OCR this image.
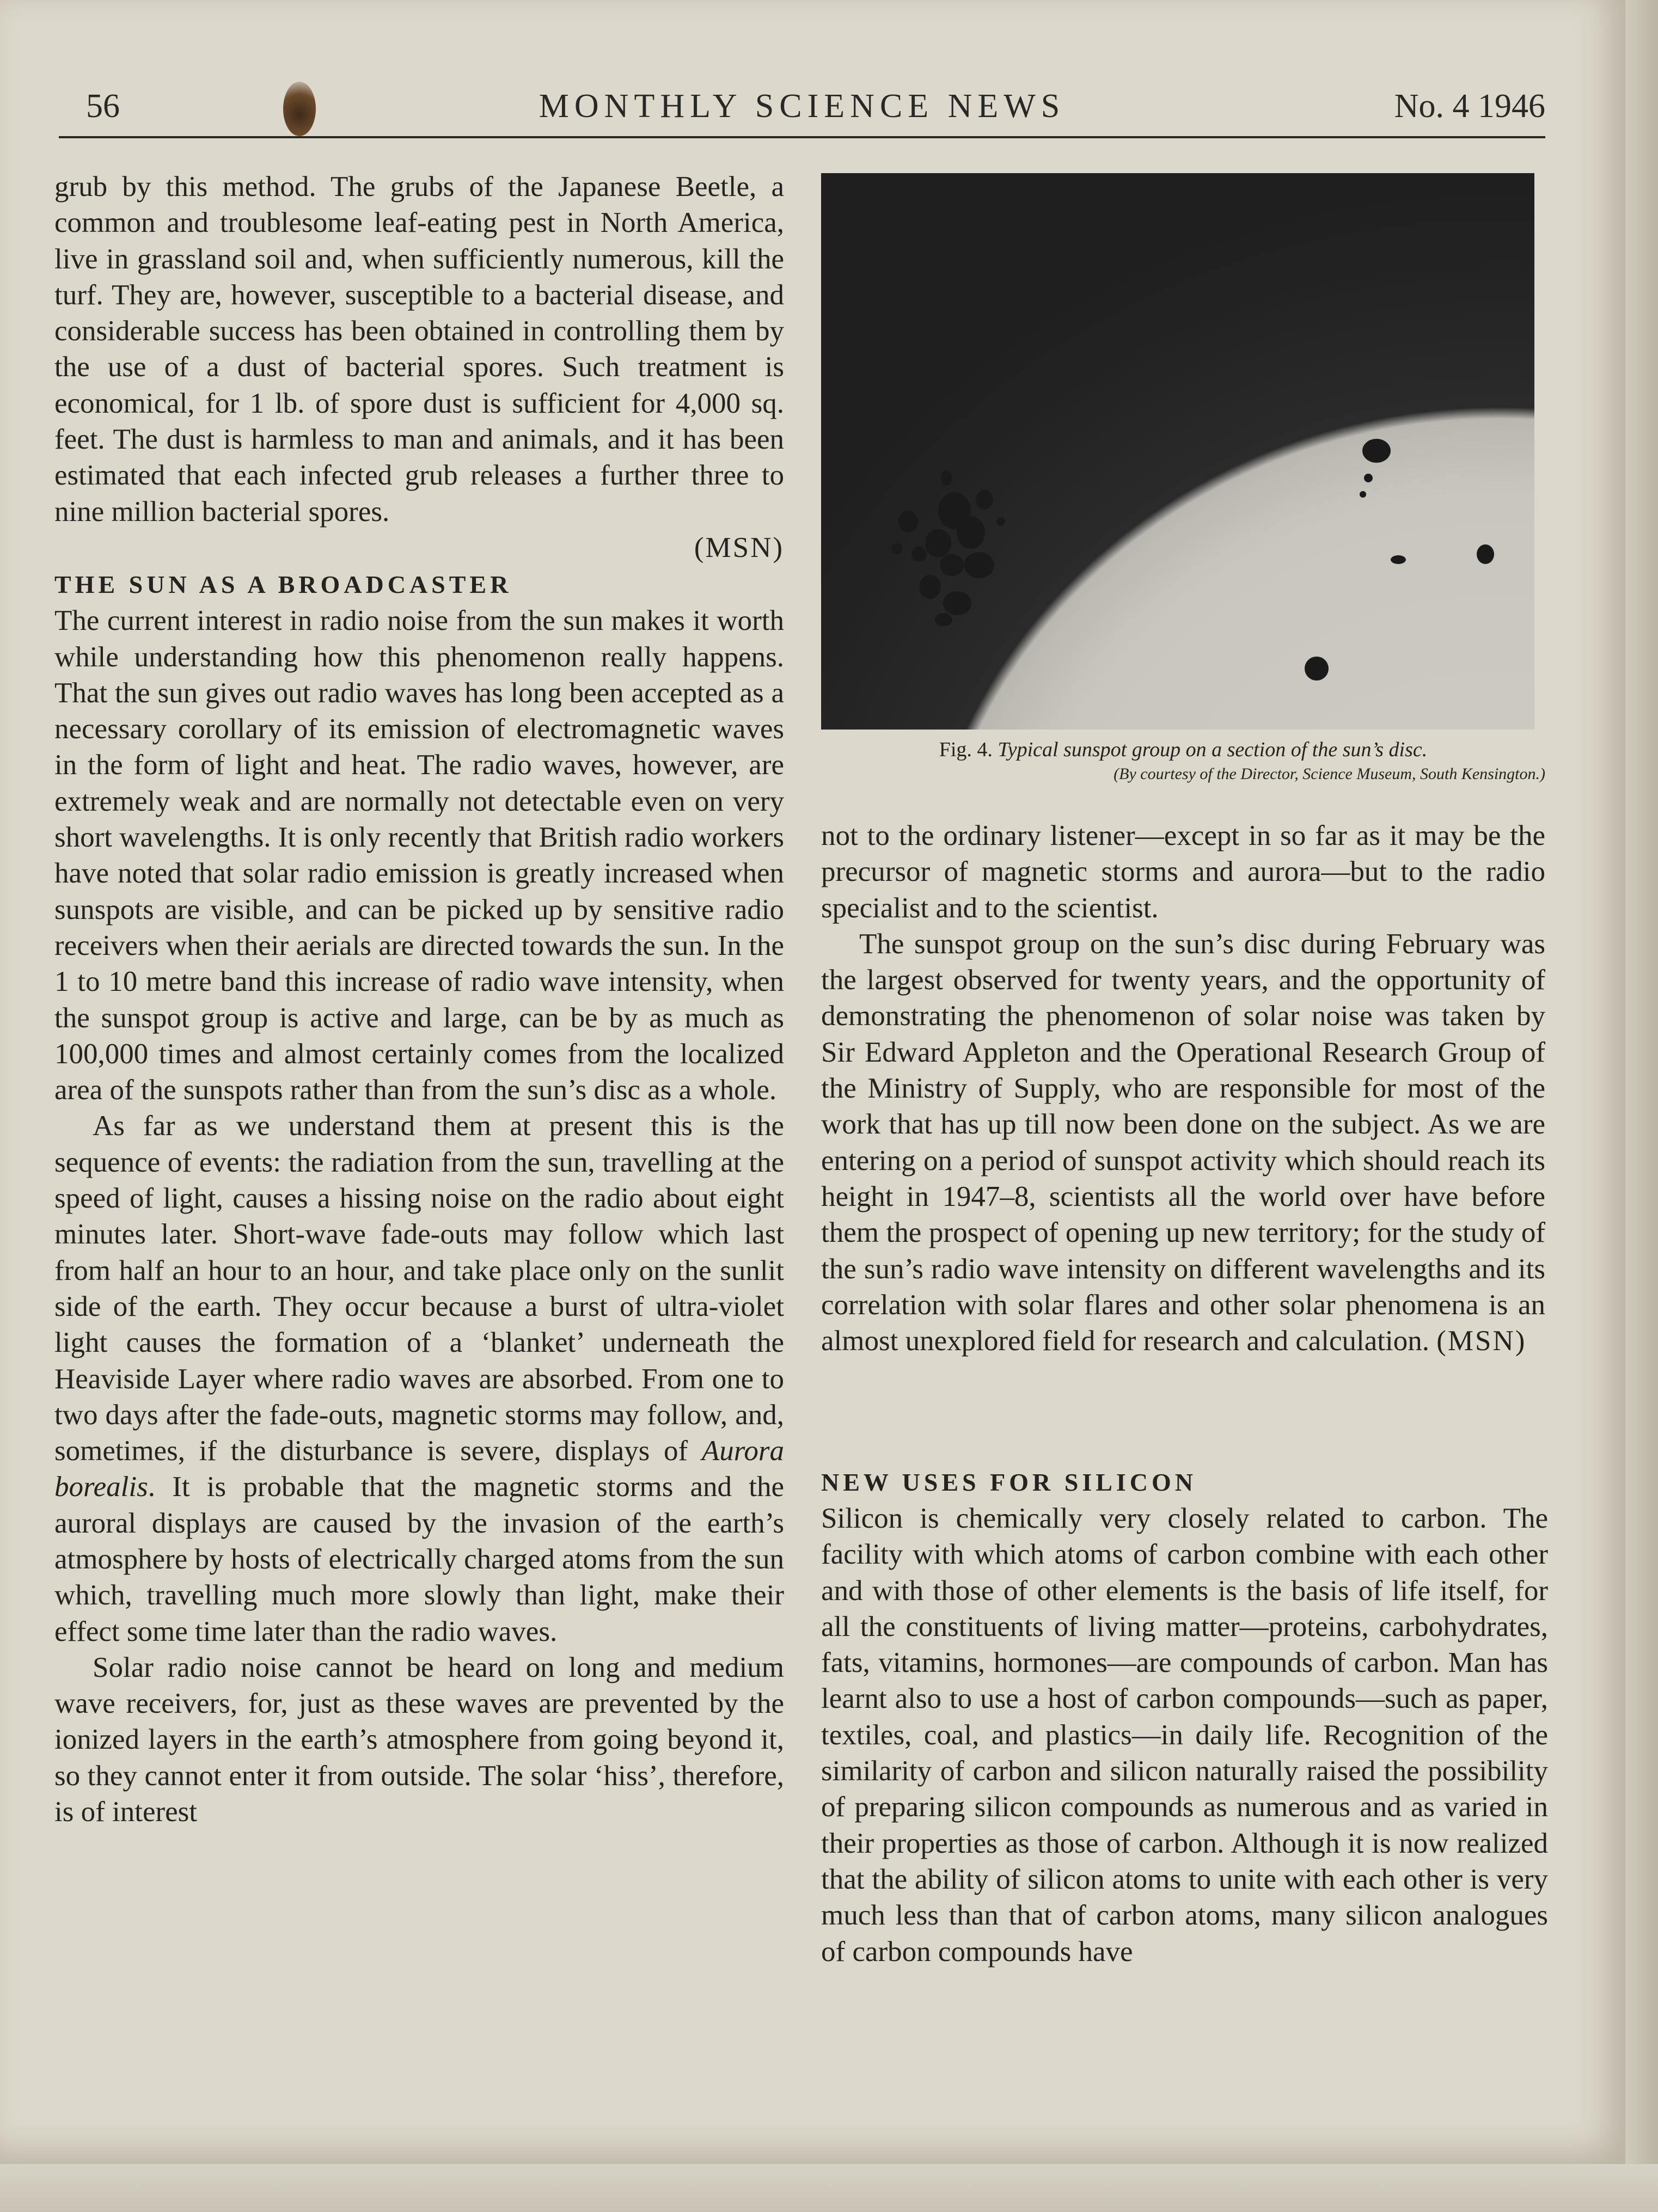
56	MONTHLY SCIENCE NEWS	No. 4 1946

grub by this method. The grubs of the Japanese Beetle, a common and troublesome leaf-eating pest in North America, live in grassland soil and, when sufficiently numerous, kill the turf. They are, however, susceptible to a bacterial disease, and considerable success has been obtained in controlling them by the use of a dust of bacterial spores. Such treatment is economical, for 1 lb. of spore dust is sufficient for 4,000 sq. feet. The dust is harmless to man and animals, and it has been estimated that each infected grub releases a further three to nine million bacterial spores.

(MSN)

THE SUN AS A BROADCASTER

The current interest in radio noise from the sun makes it worth while understanding how this phenomenon really happens. That the sun gives out radio waves has long been accepted as a necessary corollary of its emission of electromagnetic waves in the form of light and heat. The radio waves, however, are extremely weak and are normally not detectable even on very short wavelengths. It is only recently that British radio workers have noted that solar radio emission is greatly increased when sunspots are visible, and can be picked up by sensitive radio receivers when their aerials are directed towards the sun. In the 1 to 10 metre band this increase of radio wave intensity, when the sunspot group is active and large, can be by as much as 100,000 times and almost certainly comes from the localized area of the sunspots rather than from the sun’s disc as a whole.

As far as we understand them at present this is the sequence of events: the radiation from the sun, travelling at the speed of light, causes a hissing noise on the radio about eight minutes later. Short-wave fade-outs may follow which last from half an hour to an hour, and take place only on the sunlit side of the earth. They occur because a burst of ultra-violet light causes the formation of a ‘blanket’ underneath the Heaviside Layer where radio waves are absorbed. From one to two days after the fade-outs, magnetic storms may follow, and, sometimes, if the disturbance is severe, displays of Aurora borealis. It is probable that the magnetic storms and the auroral displays are caused by the invasion of the earth’s atmosphere by hosts of electrically charged atoms from the sun which, travelling much more slowly than light, make their effect some time later than the radio waves.

Solar radio noise cannot be heard on long and medium wave receivers, for, just as these waves are prevented by the ionized layers in the earth’s atmosphere from going beyond it, so they cannot enter it from outside. The solar ‘hiss’, therefore, is of interest

Fig. 4. Typical sunspot group on a section of the sun’s disc.
(By courtesy of the Director, Science Museum, South Kensington.)

not to the ordinary listener—except in so far as it may be the precursor of magnetic storms and aurora—but to the radio specialist and to the scientist.

The sunspot group on the sun’s disc during February was the largest observed for twenty years, and the opportunity of demonstrating the phenomenon of solar noise was taken by Sir Edward Appleton and the Operational Research Group of the Ministry of Supply, who are responsible for most of the work that has up till now been done on the subject. As we are entering on a period of sunspot activity which should reach its height in 1947–8, scientists all the world over have before them the prospect of opening up new territory; for the study of the sun’s radio wave intensity on different wavelengths and its correlation with solar flares and other solar phenomena is an almost unexplored field for research and calculation. (MSN)

NEW USES FOR SILICON

Silicon is chemically very closely related to carbon. The facility with which atoms of carbon combine with each other and with those of other elements is the basis of life itself, for all the constituents of living matter—proteins, carbohydrates, fats, vitamins, hormones—are compounds of carbon. Man has learnt also to use a host of carbon compounds—such as paper, textiles, coal, and plastics—in daily life. Recognition of the similarity of carbon and silicon naturally raised the possibility of preparing silicon compounds as numerous and as varied in their properties as those of carbon. Although it is now realized that the ability of silicon atoms to unite with each other is very much less than that of carbon atoms, many silicon analogues of carbon compounds have
